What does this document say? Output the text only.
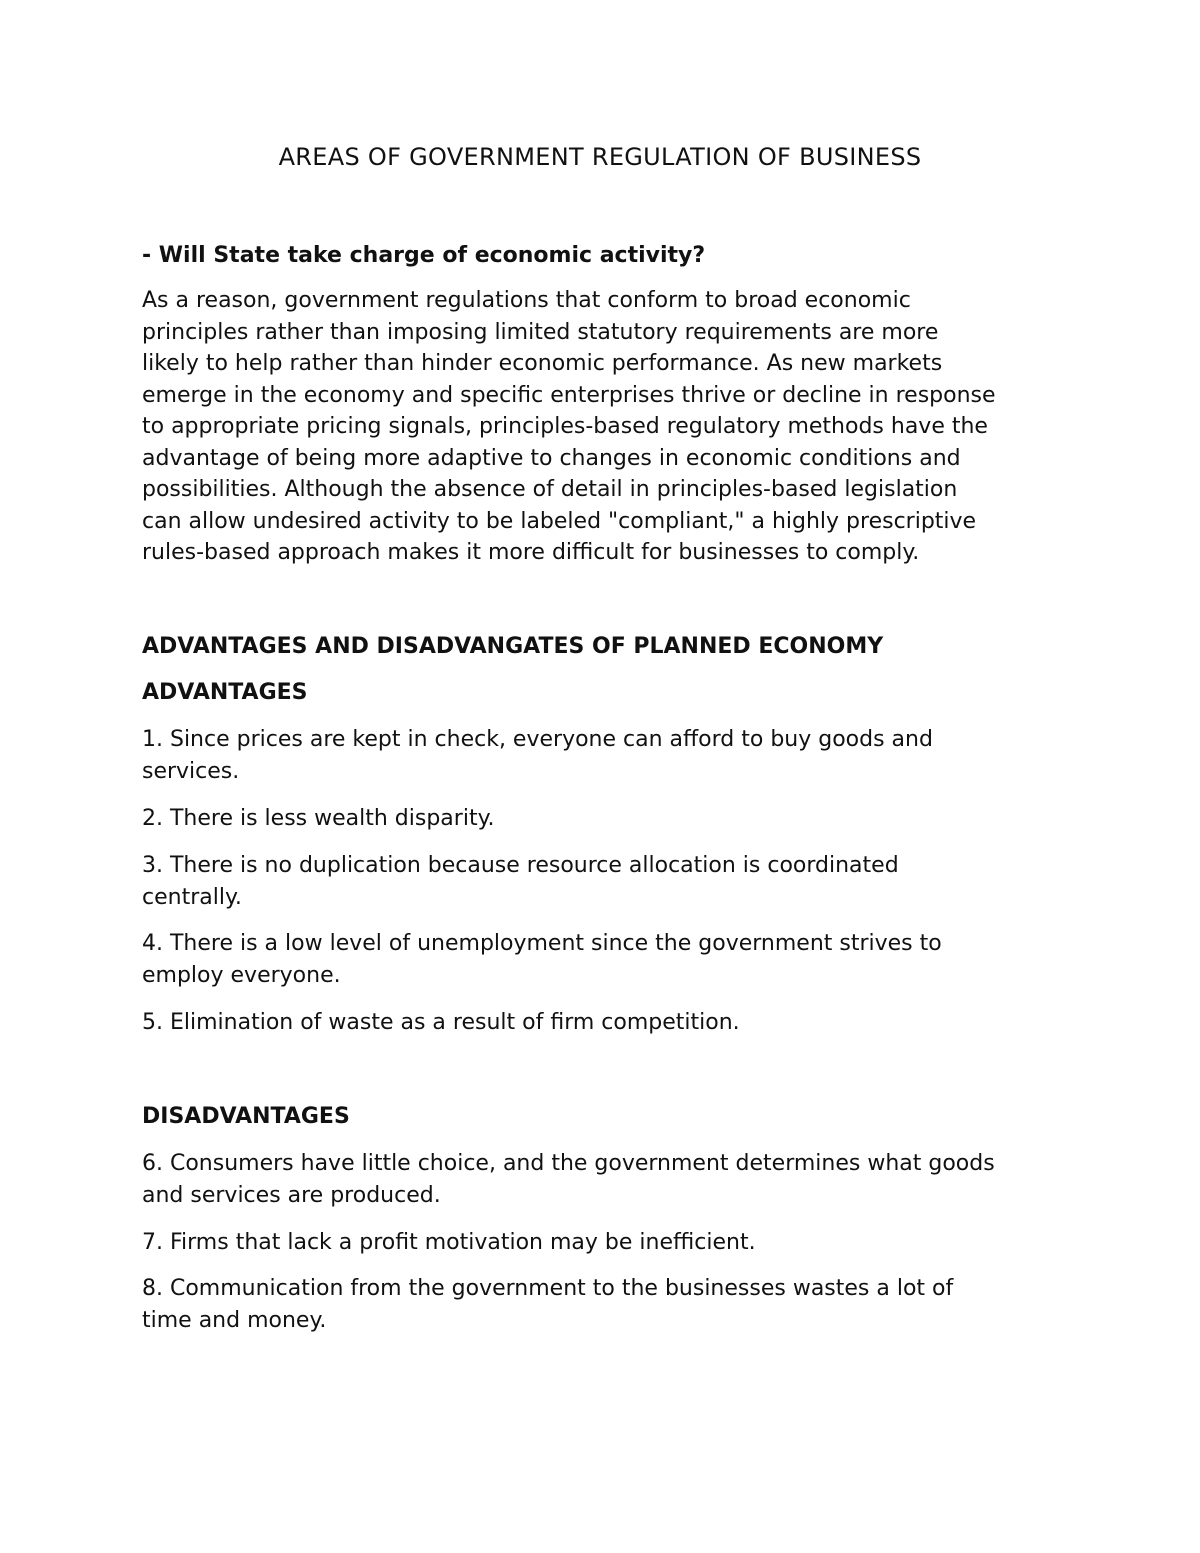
AREAS OF GOVERNMENT REGULATION OF BUSINESS

- Will State take charge of economic activity?

As a reason, government regulations that conform to broad economic
principles rather than imposing limited statutory requirements are more
likely to help rather than hinder economic performance. As new markets
emerge in the economy and specific enterprises thrive or decline in response
to appropriate pricing signals, principles-based regulatory methods have the
advantage of being more adaptive to changes in economic conditions and
possibilities. Although the absence of detail in principles-based legislation
can allow undesired activity to be labeled "compliant," a highly prescriptive
rules-based approach makes it more difficult for businesses to comply.

ADVANTAGES AND DISADVANGATES OF PLANNED ECONOMY

ADVANTAGES

1. Since prices are kept in check, everyone can afford to buy goods and
services.
2. There is less wealth disparity.
3. There is no duplication because resource allocation is coordinated
centrally.
4. There is a low level of unemployment since the government strives to
employ everyone.
5. Elimination of waste as a result of firm competition.

DISADVANTAGES

6. Consumers have little choice, and the government determines what goods
and services are produced.
7. Firms that lack a profit motivation may be inefficient.
8. Communication from the government to the businesses wastes a lot of
time and money.
